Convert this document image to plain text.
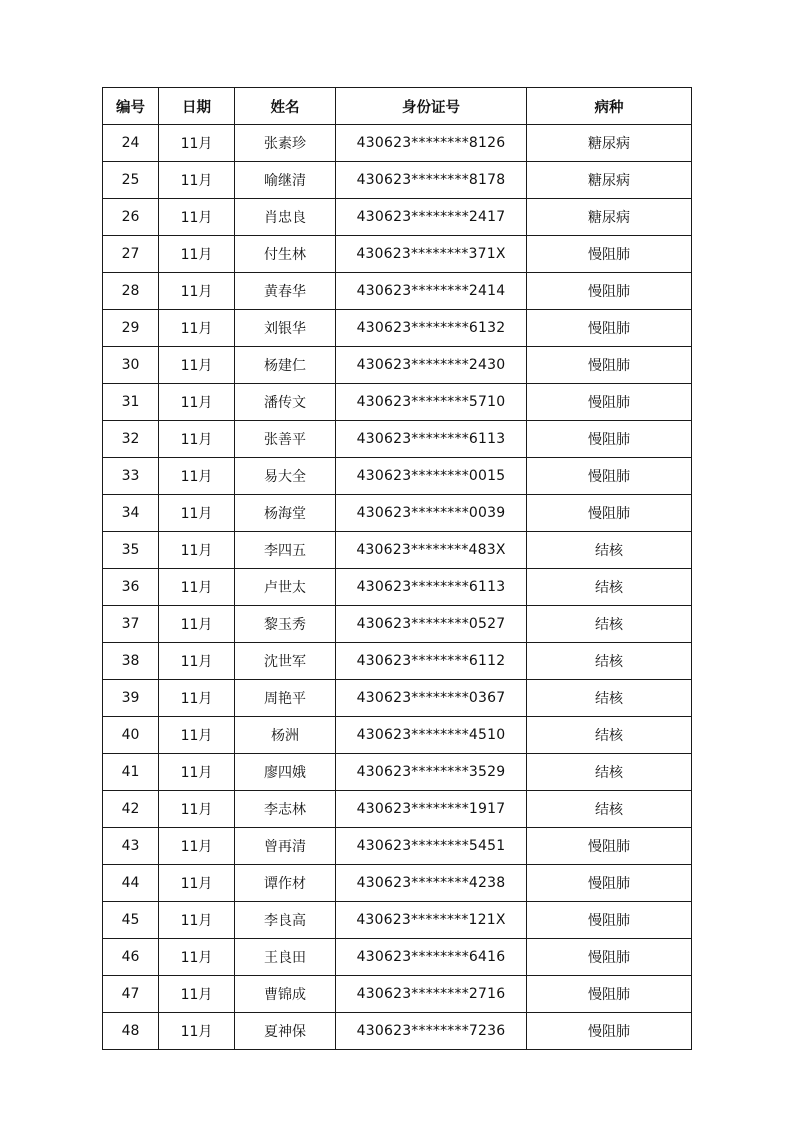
编号	日期	姓名	身份证号	病种
24	11月	张素珍	430623********8126	糖尿病
25	11月	喻继清	430623********8178	糖尿病
26	11月	肖忠良	430623********2417	糖尿病
27	11月	付生林	430623********371X	慢阻肺
28	11月	黄春华	430623********2414	慢阻肺
29	11月	刘银华	430623********6132	慢阻肺
30	11月	杨建仁	430623********2430	慢阻肺
31	11月	潘传文	430623********5710	慢阻肺
32	11月	张善平	430623********6113	慢阻肺
33	11月	易大全	430623********0015	慢阻肺
34	11月	杨海堂	430623********0039	慢阻肺
35	11月	李四五	430623********483X	结核
36	11月	卢世太	430623********6113	结核
37	11月	黎玉秀	430623********0527	结核
38	11月	沈世军	430623********6112	结核
39	11月	周艳平	430623********0367	结核
40	11月	杨洲	430623********4510	结核
41	11月	廖四娥	430623********3529	结核
42	11月	李志林	430623********1917	结核
43	11月	曾再清	430623********5451	慢阻肺
44	11月	谭作材	430623********4238	慢阻肺
45	11月	李良高	430623********121X	慢阻肺
46	11月	王良田	430623********6416	慢阻肺
47	11月	曹锦成	430623********2716	慢阻肺
48	11月	夏神保	430623********7236	慢阻肺
